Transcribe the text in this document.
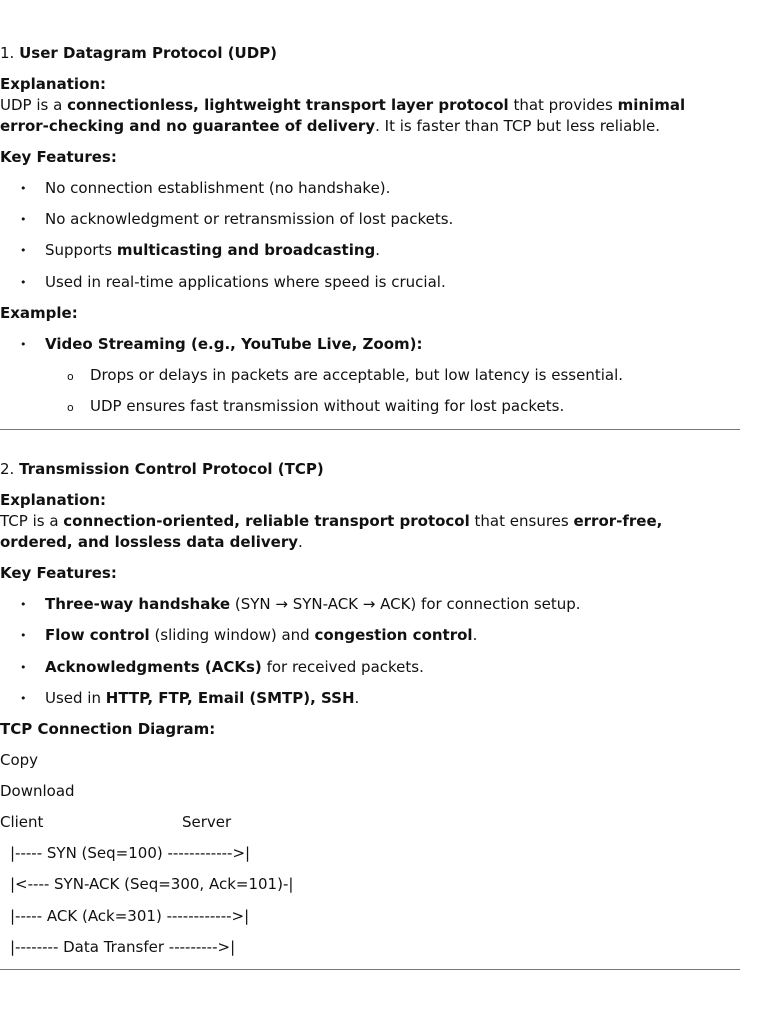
1. User Datagram Protocol (UDP)
Explanation:
UDP is a connectionless, lightweight transport layer protocol that provides minimal
error-checking and no guarantee of delivery. It is faster than TCP but less reliable.
Key Features:
• No connection establishment (no handshake).
• No acknowledgment or retransmission of lost packets.
• Supports multicasting and broadcasting.
• Used in real-time applications where speed is crucial.
Example:
• Video Streaming (e.g., YouTube Live, Zoom):
o Drops or delays in packets are acceptable, but low latency is essential.
o UDP ensures fast transmission without waiting for lost packets.
2. Transmission Control Protocol (TCP)
Explanation:
TCP is a connection-oriented, reliable transport protocol that ensures error-free,
ordered, and lossless data delivery.
Key Features:
• Three-way handshake (SYN → SYN-ACK → ACK) for connection setup.
• Flow control (sliding window) and congestion control.
• Acknowledgments (ACKs) for received packets.
• Used in HTTP, FTP, Email (SMTP), SSH.
TCP Connection Diagram:
Copy
Download
Client	Server
|----- SYN (Seq=100) ------------>|
|<---- SYN-ACK (Seq=300, Ack=101)-|
|----- ACK (Ack=301) ------------>|
|-------- Data Transfer --------->|
